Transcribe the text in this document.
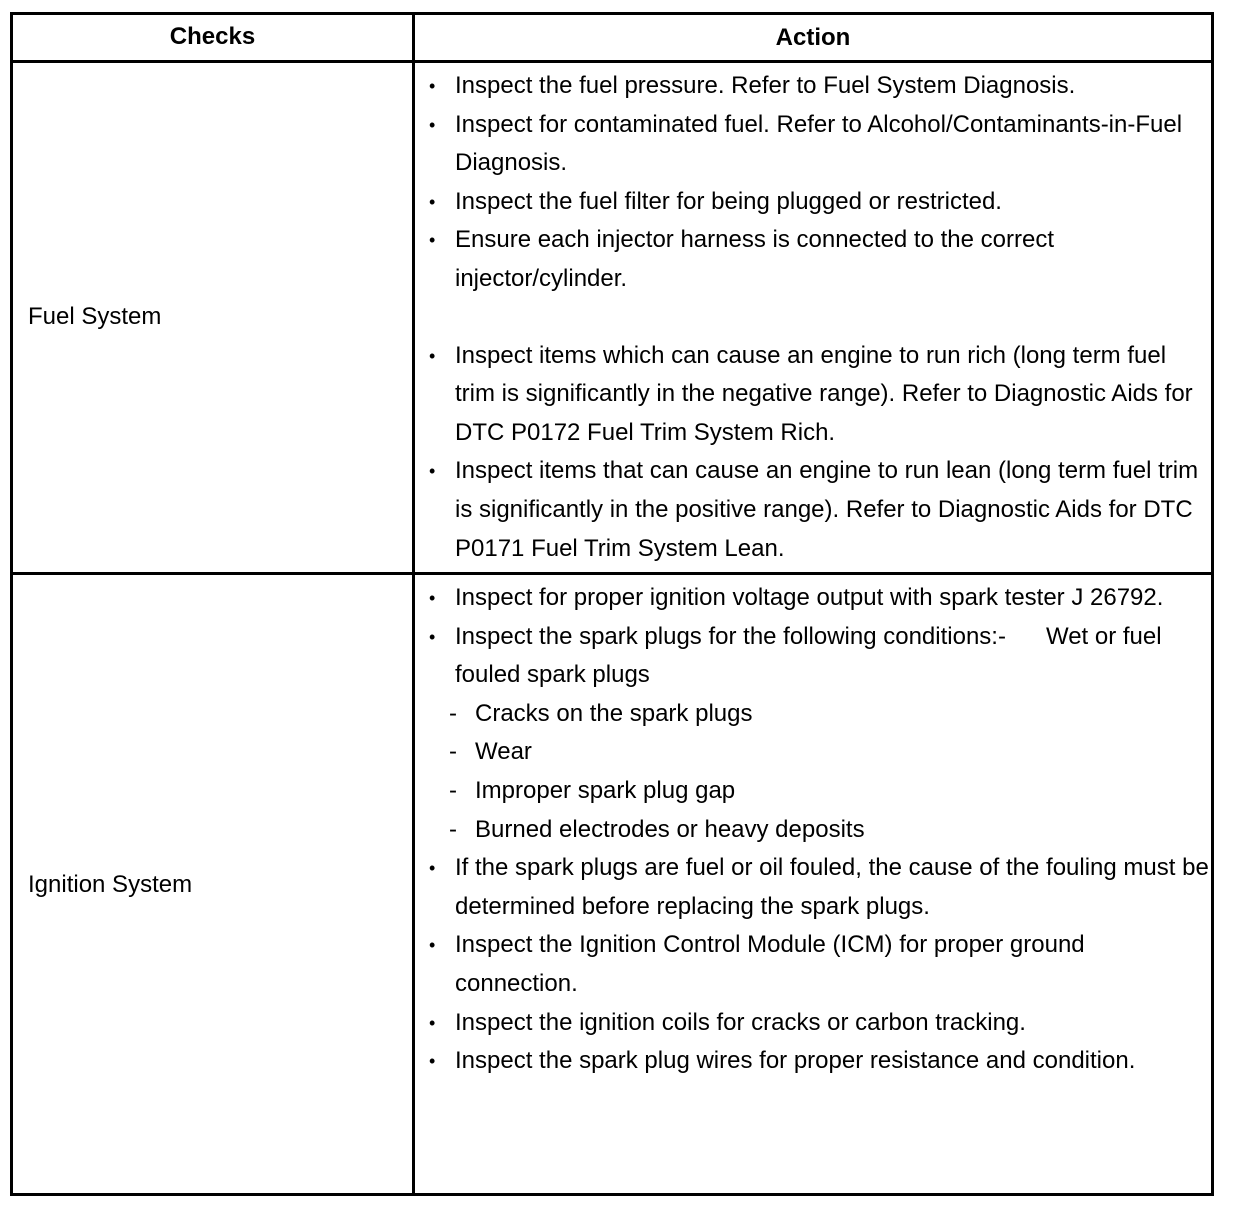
Checks	Action
Fuel System
• Inspect the fuel pressure. Refer to Fuel System Diagnosis.
• Inspect for contaminated fuel. Refer to Alcohol/Contaminants-in-Fuel Diagnosis.
• Inspect the fuel filter for being plugged or restricted.
• Ensure each injector harness is connected to the correct injector/cylinder.
• Inspect items which can cause an engine to run rich (long term fuel trim is significantly in the negative range). Refer to Diagnostic Aids for DTC P0172 Fuel Trim System Rich.
• Inspect items that can cause an engine to run lean (long term fuel trim is significantly in the positive range). Refer to Diagnostic Aids for DTC P0171 Fuel Trim System Lean.
Ignition System
• Inspect for proper ignition voltage output with spark tester J 26792.
• Inspect the spark plugs for the following conditions:-      Wet or fuel fouled spark plugs
- Cracks on the spark plugs
- Wear
- Improper spark plug gap
- Burned electrodes or heavy deposits
• If the spark plugs are fuel or oil fouled, the cause of the fouling must be determined before replacing the spark plugs.
• Inspect the Ignition Control Module (ICM) for proper ground connection.
• Inspect the ignition coils for cracks or carbon tracking.
• Inspect the spark plug wires for proper resistance and condition.
